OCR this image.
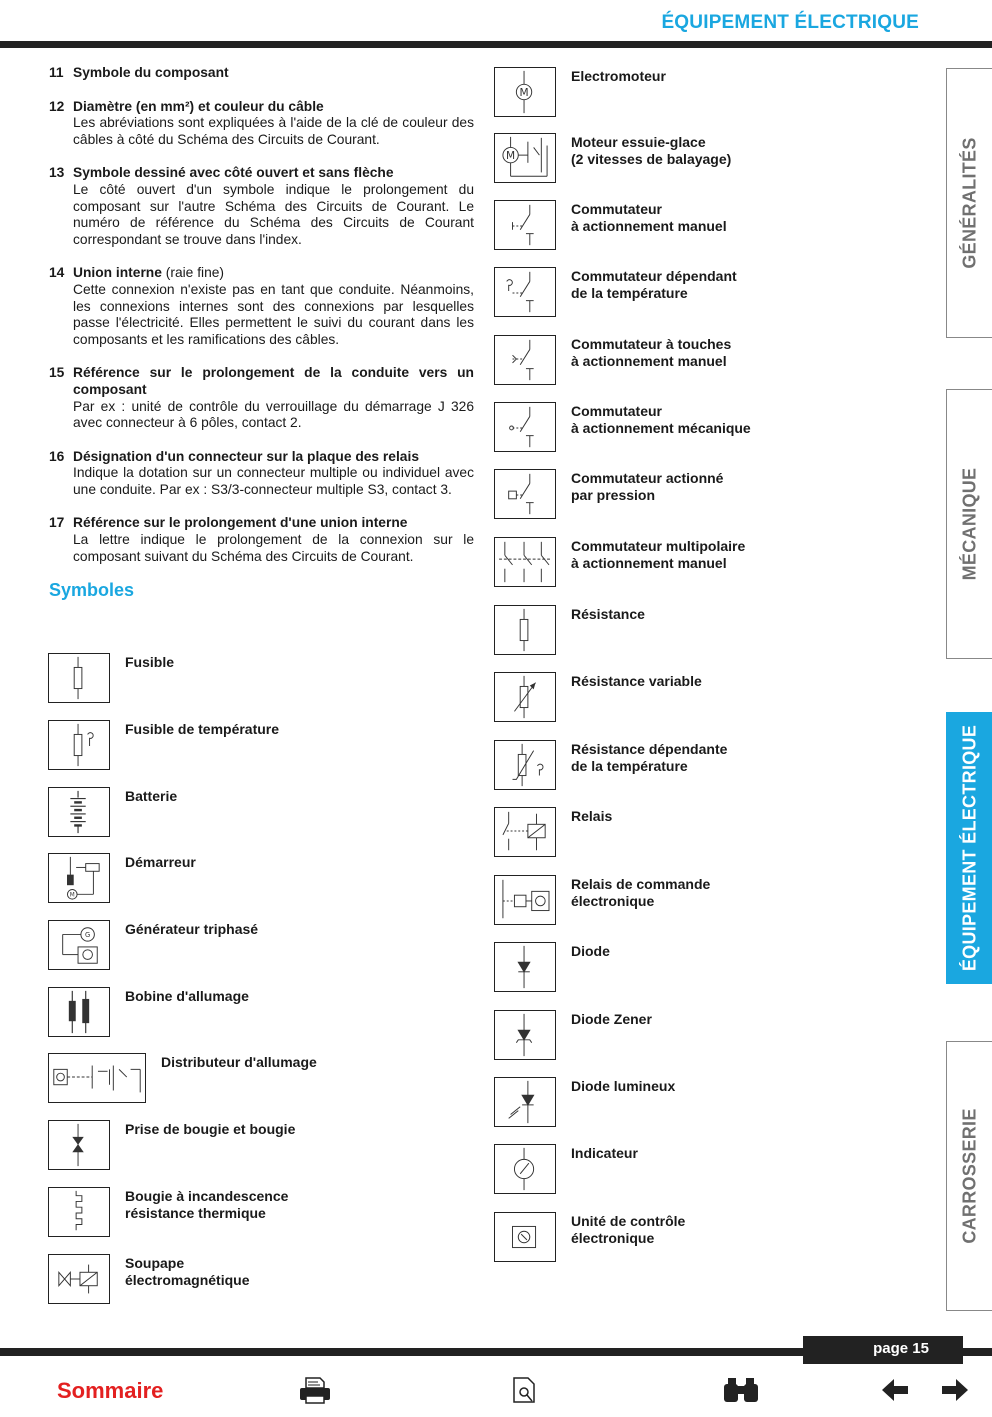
ÉQUIPEMENT ÉLECTRIQUE
GÉNÉRALITÉS
MÉCANIQUE
ÉQUIPEMENT ÉLECTRIQUE
CARROSSERIE
11 Symbole du composant
12 Diamètre (en mm²) et couleur du câble
Les abréviations sont expliquées à l'aide de la clé de couleur des câbles à côté du Schéma des Circuits de Courant.
13 Symbole dessiné avec côté ouvert et sans flèche
Le côté ouvert d'un symbole indique le prolongement du composant sur l'autre Schéma des Circuits de Courant. Le numéro de référence du Schéma des Circuits de Courant correspondant se trouve dans l'index.
14 Union interne (raie fine)
Cette connexion n'existe pas en tant que conduite. Néanmoins, les connexions internes sont des connexions par lesquelles passe l'électricité. Elles permettent le suivi du courant dans les composants et les ramifications des câbles.
15 Référence sur le prolongement de la conduite vers un composant
Par ex : unité de contrôle du verrouillage du démarrage J 326 avec connecteur à 6 pôles, contact 2.
16 Désignation d'un connecteur sur la plaque des relais
Indique la dotation sur un connecteur multiple ou individuel avec une conduite. Par ex : S3/3-connecteur multiple S3, contact 3.
17 Référence sur le prolongement d'une union interne
La lettre indique le prolongement de la connexion sur le composant suivant du Schéma des Circuits de Courant.
Symboles
Fusible
Fusible de température
Batterie
M
Démarreur
G Générateur triphasé
Bobine d'allumage
Distributeur d'allumage
Prise de bougie et bougie
Bougie à incandescence
résistance thermique
Soupape
électromagnétique
M
Electromoteur
M
Moteur essuie-glace
(2 vitesses de balayage)
Commutateur
à actionnement manuel
Commutateur dépendant
de la température
Commutateur à touches
à actionnement manuel
Commutateur
à actionnement mécanique
Commutateur actionné
par pression
Commutateur multipolaire
à actionnement manuel
Résistance
Résistance variable
Résistance dépendante
de la température
Relais
Relais de commande
électronique
Diode
Diode Zener
Diode lumineux
Indicateur
Unité de contrôle
électronique
page 15
Sommaire
